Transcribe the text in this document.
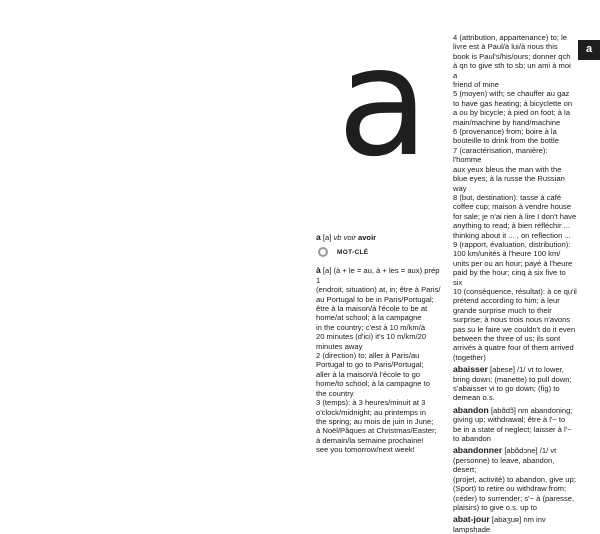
a	a

a [a] vb voir avoir

MOT-CLÉ

à [a] (à + le = au, à + les = aux) prép 1
(endroit, situation) at, in; être à Paris/
au Portugal to be in Paris/Portugal;
être à la maison/à l'école to be at
home/at school; à la campagne
in the country; c'est à 10 m/km/à
20 minutes (d'ici) it's 10 m/km/20
minutes away
2 (direction) to; aller à Paris/au
Portugal to go to Paris/Portugal;
aller à la maison/à l'école to go
home/to school; à la campagne to
the country
3 (temps): à 3 heures/minuit at 3
o'clock/midnight; au printemps in
the spring; au mois de juin in June;
à Noël/Pâques at Christmas/Easter;
à demain/la semaine prochaine!
see you tomorrow/next week!

4 (attribution, appartenance) to; le
livre est à Paul/à lui/à nous this
book is Paul's/his/ours; donner qch
à qn to give sth to sb; un ami à moi a
friend of mine
5 (moyen) with; se chauffer au gaz
to have gas heating; à bicyclette on
a ou by bicycle; à pied on foot; à la
main/machine by hand/machine
6 (provenance) from; boire à la
bouteille to drink from the bottle
7 (caractérisation, manière): l'homme
aux yeux bleus the man with the
blue eyes; à la russe the Russian way
8 (but, destination): tasse à café
coffee cup; maison à vendre house
for sale; je n'ai rien à lire I don't have
anything to read; à bien réfléchir ...
thinking about it ... , on reflection ...
9 (rapport, évaluation, distribution):
100 km/unités à l'heure 100 km/
units per ou an hour; payé à l'heure
paid by the hour; cinq à six five to six
10 (conséquence, résultat): à ce qu'il
prétend according to him; à leur
grande surprise much to their
surprise; à nous trois nous n'avons
pas su le faire we couldn't do it even
between the three of us; ils sont
arrivés à quatre four of them arrived
(together)

abaisser [abese] /1/ vt to lower,
bring down; (manette) to pull down;
s'abaisser vi to go down; (fig) to
demean o.s.

abandon [abɑ̃dɔ̃] nm abandoning;
giving up; withdrawal; être à l'~ to
be in a state of neglect; laisser à l'~
to abandon

abandonner [abɑ̃dɔne] /1/ vt
(personne) to leave, abandon, desert;
(projet, activité) to abandon, give up;
(Sport) to retire ou withdraw from;
(céder) to surrender; s'~ à (paresse,
plaisirs) to give o.s. up to

abat-jour [abaʒuʀ] nm inv
lampshade
